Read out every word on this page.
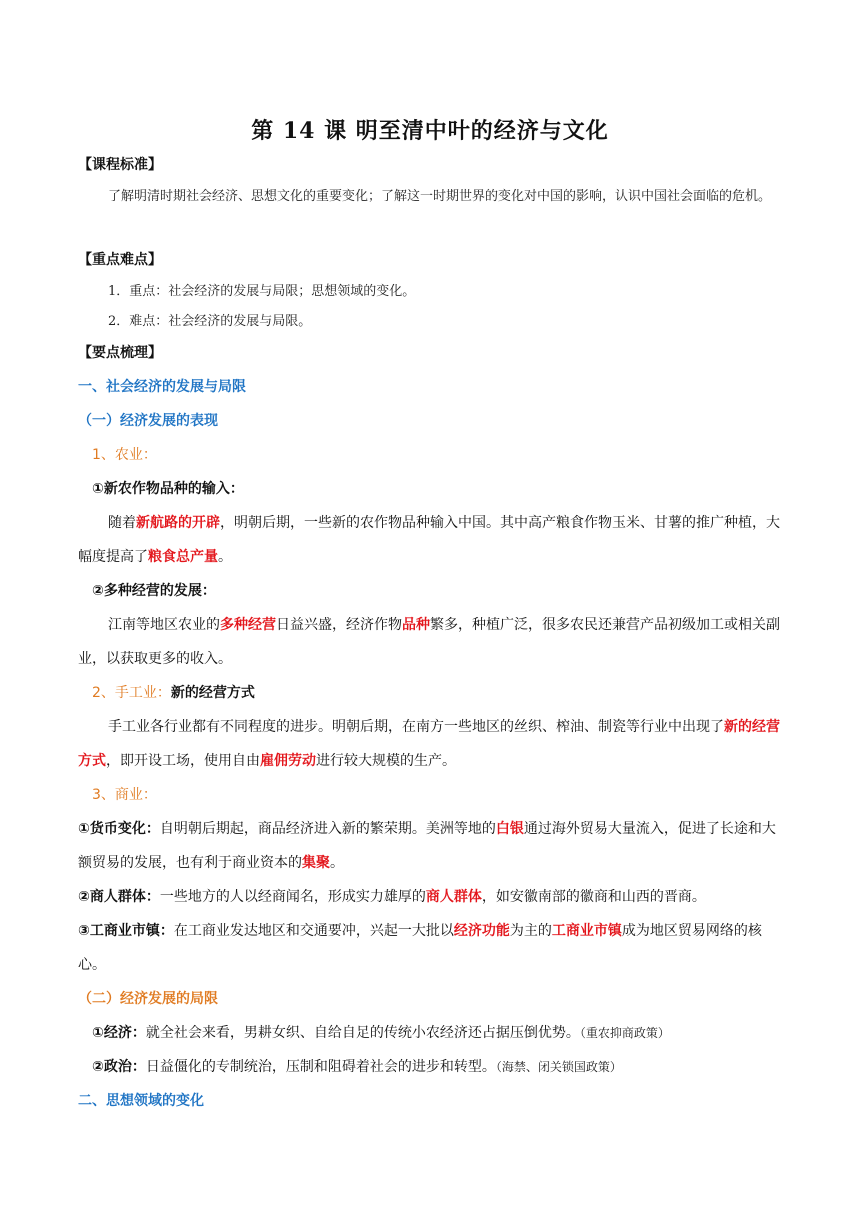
第 14 课 明至清中叶的经济与文化

【课程标准】

了解明清时期社会经济、思想文化的重要变化；了解这一时期世界的变化对中国的影响，认识中国社会面临的危机。

【重点难点】

1．重点：社会经济的发展与局限；思想领域的变化。

2．难点：社会经济的发展与局限。

【要点梳理】

一、社会经济的发展与局限

（一）经济发展的表现

1、农业：

①新农作物品种的输入：

随着新航路的开辟，明朝后期，一些新的农作物品种输入中国。其中高产粮食作物玉米、甘薯的推广种植，大幅度提高了粮食总产量。

②多种经营的发展：

江南等地区农业的多种经营日益兴盛，经济作物品种繁多，种植广泛，很多农民还兼营产品初级加工或相关副业，以获取更多的收入。

2、手工业：新的经营方式

手工业各行业都有不同程度的进步。明朝后期，在南方一些地区的丝织、榨油、制瓷等行业中出现了新的经营方式，即开设工场，使用自由雇佣劳动进行较大规模的生产。

3、商业：

①货币变化：自明朝后期起，商品经济进入新的繁荣期。美洲等地的白银通过海外贸易大量流入，促进了长途和大额贸易的发展，也有利于商业资本的集聚。

②商人群体：一些地方的人以经商闻名，形成实力雄厚的商人群体，如安徽南部的徽商和山西的晋商。

③工商业市镇：在工商业发达地区和交通要冲，兴起一大批以经济功能为主的工商业市镇成为地区贸易网络的核心。

（二）经济发展的局限

①经济：就全社会来看，男耕女织、自给自足的传统小农经济还占据压倒优势。（重农抑商政策）

②政治：日益僵化的专制统治，压制和阻碍着社会的进步和转型。（海禁、闭关锁国政策）

二、思想领域的变化
